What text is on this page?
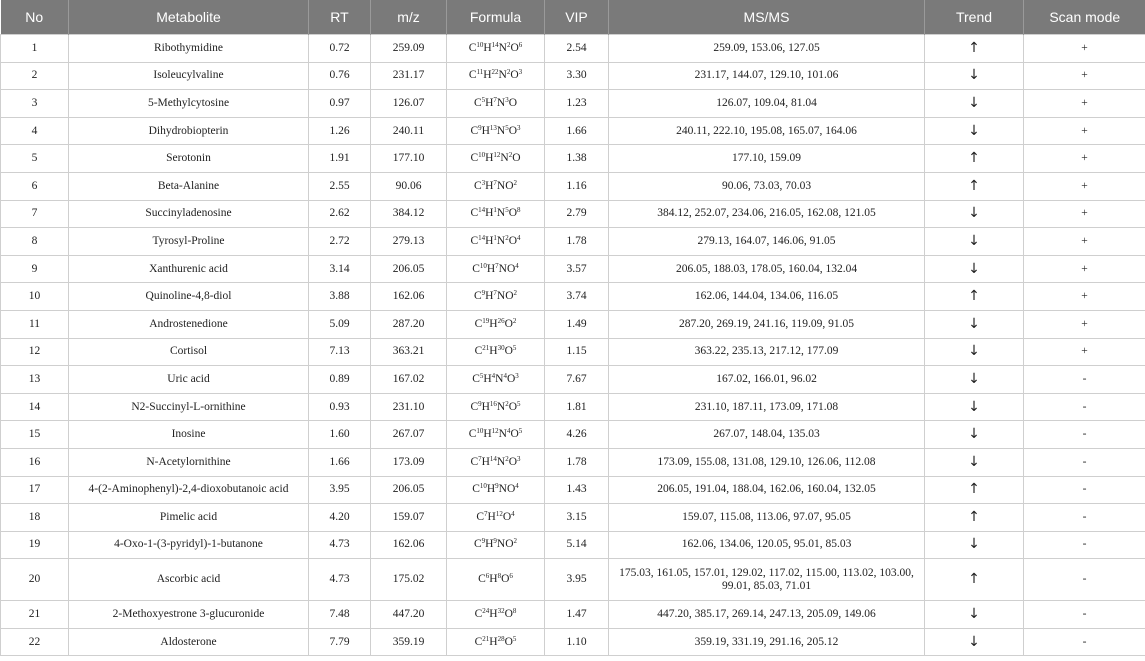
No	Metabolite	RT	m/z	Formula	VIP	MS/MS	Trend	Scan mode
1	Ribothymidine	0.72	259.09	$C^{10}H^{14}N^2O^6$	2.54	259.09, 153.06, 127.05	↑	+
2	Isoleucylvaline	0.76	231.17	$C^{11}H^{22}N^2O^3$	3.30	231.17, 144.07, 129.10, 101.06	↓	+
3	5-Methylcytosine	0.97	126.07	$C^5H^7N^3O$	1.23	126.07, 109.04, 81.04	↓	+
4	Dihydrobiopterin	1.26	240.11	$C^9H^{13}N^5O^3$	1.66	240.11, 222.10, 195.08, 165.07, 164.06	↓	+
5	Serotonin	1.91	177.10	$C^{10}H^{12}N^2O$	1.38	177.10, 159.09	↑	+
6	Beta-Alanine	2.55	90.06	$C^3H^7NO^2$	1.16	90.06, 73.03, 70.03	↑	+
7	Succinyladenosine	2.62	384.12	$C^{14}H^1N^5O^8$	2.79	384.12, 252.07, 234.06, 216.05, 162.08, 121.05	↓	+
8	Tyrosyl-Proline	2.72	279.13	$C^{14}H^1N^2O^4$	1.78	279.13, 164.07, 146.06, 91.05	↓	+
9	Xanthurenic acid	3.14	206.05	$C^{10}H^7NO^4$	3.57	206.05, 188.03, 178.05, 160.04, 132.04	↓	+
10	Quinoline-4,8-diol	3.88	162.06	$C^9H^7NO^2$	3.74	162.06, 144.04, 134.06, 116.05	↑	+
11	Androstenedione	5.09	287.20	$C^{19}H^{26}O^2$	1.49	287.20, 269.19, 241.16, 119.09, 91.05	↓	+
12	Cortisol	7.13	363.21	$C^{21}H^{30}O^5$	1.15	363.22, 235.13, 217.12, 177.09	↓	+
13	Uric acid	0.89	167.02	$C^5H^4N^4O^3$	7.67	167.02, 166.01, 96.02	↓	-
14	N2-Succinyl-L-ornithine	0.93	231.10	$C^9H^{16}N^2O^5$	1.81	231.10, 187.11, 173.09, 171.08	↓	-
15	Inosine	1.60	267.07	$C^{10}H^{12}N^4O^5$	4.26	267.07, 148.04, 135.03	↓	-
16	N-Acetylornithine	1.66	173.09	$C^7H^{14}N^2O^3$	1.78	173.09, 155.08, 131.08, 129.10, 126.06, 112.08	↓	-
17	4-(2-Aminophenyl)-2,4-dioxobutanoic acid	3.95	206.05	$C^{10}H^9NO^4$	1.43	206.05, 191.04, 188.04, 162.06, 160.04, 132.05	↑	-
18	Pimelic acid	4.20	159.07	$C^7H^{12}O^4$	3.15	159.07, 115.08, 113.06, 97.07, 95.05	↑	-
19	4-Oxo-1-(3-pyridyl)-1-butanone	4.73	162.06	$C^9H^9NO^2$	5.14	162.06, 134.06, 120.05, 95.01, 85.03	↓	-
20	Ascorbic acid	4.73	175.02	$C^6H^8O^6$	3.95	175.03, 161.05, 157.01, 129.02, 117.02, 115.00, 113.02, 103.00, 99.01, 85.03, 71.01	↑	-
21	2-Methoxyestrone 3-glucuronide	7.48	447.20	$C^{24}H^{32}O^8$	1.47	447.20, 385.17, 269.14, 247.13, 205.09, 149.06	↓	-
22	Aldosterone	7.79	359.19	$C^{21}H^{28}O^5$	1.10	359.19, 331.19, 291.16, 205.12	↓	-
